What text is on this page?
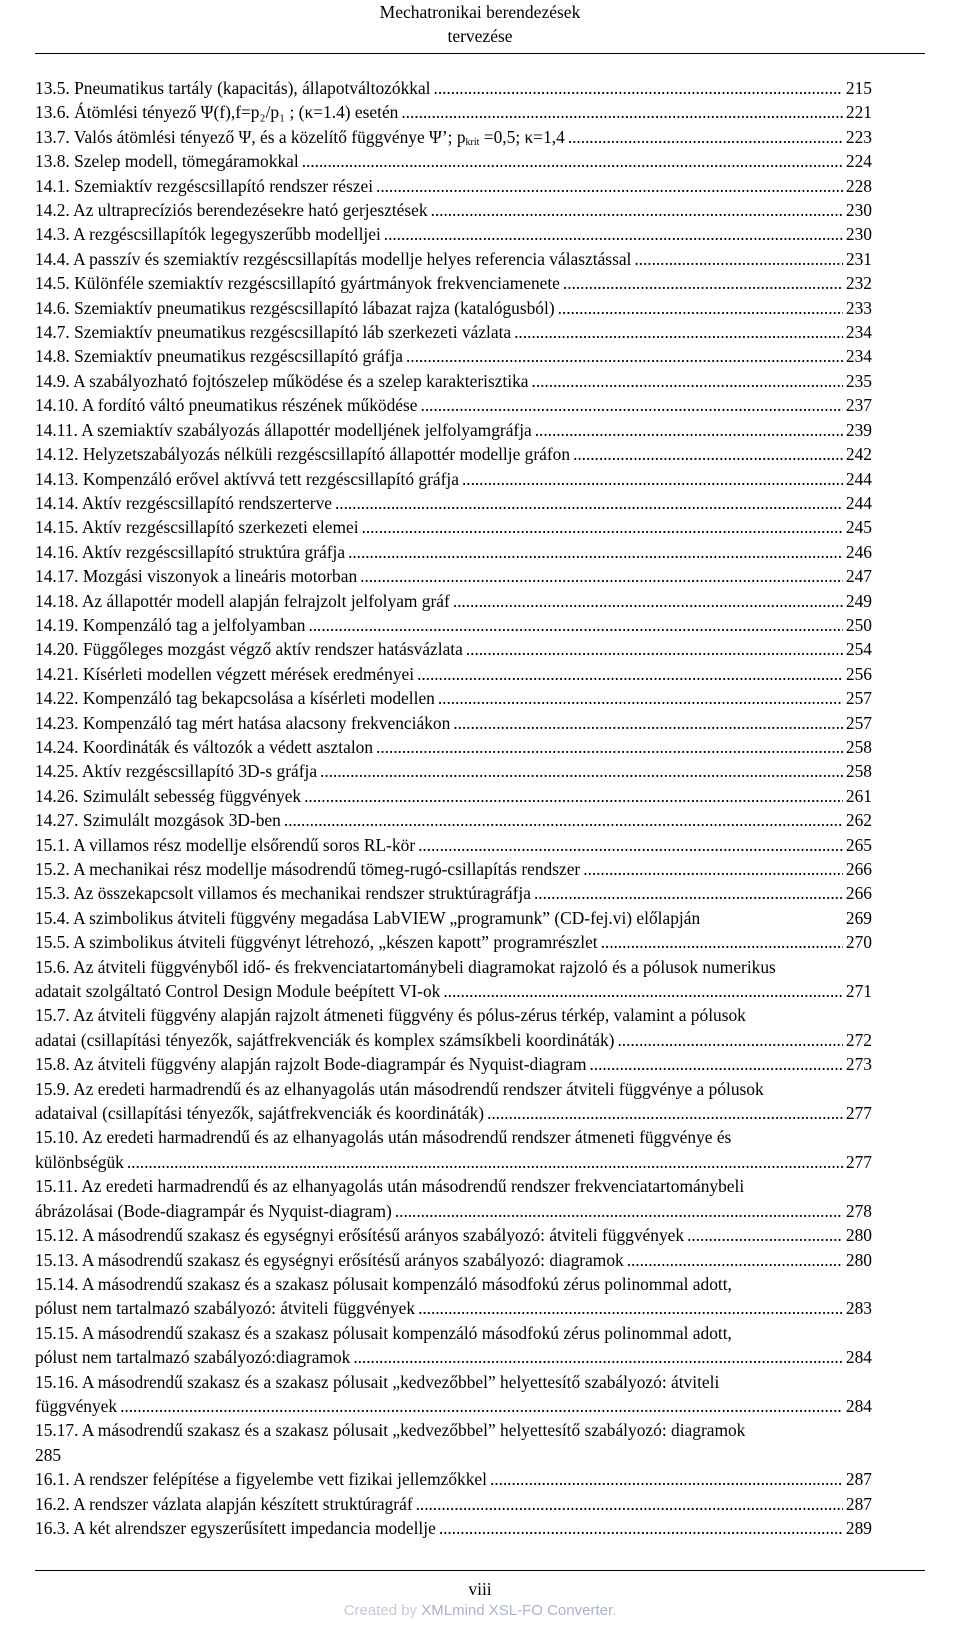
Mechatronikai berendezések
tervezése
13.5. Pneumatikus tartály (kapacitás), állapotváltozókkal . . .	215
13.6. Átömlési tényező Ψ(f),f=p₂/p₁ ; (κ=1.4) esetén . . .	221
13.7. Valós átömlési tényező Ψ, és a közelítő függvénye Ψ’; $p_{krit} =0,5$; κ=1,4 . . .	223
13.8. Szelep modell, tömegáramokkal . . .	224
14.1. Szemiaktív rezgéscsillapító rendszer részei . . .	228
14.2. Az ultraprecíziós berendezésekre ható gerjesztések . . .	230
14.3. A rezgéscsillapítók legegyszerűbb modelljei . . .	230
14.4. A passzív és szemiaktív rezgéscsillapítás modellje helyes referencia választással . . .	231
14.5. Különféle szemiaktív rezgéscsillapító gyártmányok frekvenciamenete . . .	232
14.6. Szemiaktív pneumatikus rezgéscsillapító lábazat rajza (katalógusból) . . .	233
14.7. Szemiaktív pneumatikus rezgéscsillapító láb szerkezeti vázlata . . .	234
14.8. Szemiaktív pneumatikus rezgéscsillapító gráfja . . .	234
14.9. A szabályozható fojtószelep működése és a szelep karakterisztika . . .	235
14.10. A fordító váltó pneumatikus részének működése . . .	237
14.11. A szemiaktív szabályozás állapottér modelljének jelfolyamgráfja . . .	239
14.12. Helyzetszabályozás nélküli rezgéscsillapító állapottér modellje gráfon . . .	242
14.13. Kompenzáló erővel aktívvá tett rezgéscsillapító gráfja . . .	244
14.14. Aktív rezgéscsillapító rendszerterve . . .	244
14.15. Aktív rezgéscsillapító szerkezeti elemei . . .	245
14.16. Aktív rezgéscsillapító struktúra gráfja . . .	246
14.17. Mozgási viszonyok a lineáris motorban . . .	247
14.18. Az állapottér modell alapján felrajzolt jelfolyam gráf . . .	249
14.19. Kompenzáló tag a jelfolyamban . . .	250
14.20. Függőleges mozgást végző aktív rendszer hatásvázlata . . .	254
14.21. Kísérleti modellen végzett mérések eredményei . . .	256
14.22. Kompenzáló tag bekapcsolása a kísérleti modellen . . .	257
14.23. Kompenzáló tag mért hatása alacsony frekvenciákon . . .	257
14.24. Koordináták és változók a védett asztalon . . .	258
14.25. Aktív rezgéscsillapító 3D-s gráfja . . .	258
14.26. Szimulált sebesség függvények . . .	261
14.27. Szimulált mozgások 3D-ben . . .	262
15.1. A villamos rész modellje elsőrendű soros RL-kör . . .	265
15.2. A mechanikai rész modellje másodrendű tömeg-rugó-csillapítás rendszer . . .	266
15.3. Az összekapcsolt villamos és mechanikai rendszer struktúragráfja . . .	266
15.4. A szimbolikus átviteli függvény megadása LabVIEW „programunk” (CD-fej.vi) előlapján	269
15.5. A szimbolikus átviteli függvényt létrehozó, „készen kapott” programrészlet . . .	270
15.6. Az átviteli függvényből idő- és frekvenciatartománybeli diagramokat rajzoló és a pólusok numerikus
adatait szolgáltató Control Design Module beépített VI-ok . . .	271
15.7. Az átviteli függvény alapján rajzolt átmeneti függvény és pólus-zérus térkép, valamint a pólusok
adatai (csillapítási tényezők, sajátfrekvenciák és komplex számsíkbeli koordináták) . . .	272
15.8. Az átviteli függvény alapján rajzolt Bode-diagrampár és Nyquist-diagram . . .	273
15.9. Az eredeti harmadrendű és az elhanyagolás után másodrendű rendszer átviteli függvénye a pólusok
adataival (csillapítási tényezők, sajátfrekvenciák és koordináták) . . .	277
15.10. Az eredeti harmadrendű és az elhanyagolás után másodrendű rendszer átmeneti függvénye és
különbségük . . .	277
15.11. Az eredeti harmadrendű és az elhanyagolás után másodrendű rendszer frekvenciatartománybeli
ábrázolásai (Bode-diagrampár és Nyquist-diagram) . . .	278
15.12. A másodrendű szakasz és egységnyi erősítésű arányos szabályozó: átviteli függvények . . .	280
15.13. A másodrendű szakasz és egységnyi erősítésű arányos szabályozó: diagramok . . .	280
15.14. A másodrendű szakasz és a szakasz pólusait kompenzáló másodfokú zérus polinommal adott,
pólust nem tartalmazó szabályozó: átviteli függvények . . .	283
15.15. A másodrendű szakasz és a szakasz pólusait kompenzáló másodfokú zérus polinommal adott,
pólust nem tartalmazó szabályozó:diagramok . . .	284
15.16. A másodrendű szakasz és a szakasz pólusait „kedvezőbbel” helyettesítő szabályozó: átviteli
függvények . . .	284
15.17. A másodrendű szakasz és a szakasz pólusait „kedvezőbbel” helyettesítő szabályozó: diagramok
285
16.1. A rendszer felépítése a figyelembe vett fizikai jellemzőkkel . . .	287
16.2. A rendszer vázlata alapján készített struktúragráf . . .	287
16.3. A két alrendszer egyszerűsített impedancia modellje . . .	289
viii
Created by XMLmind XSL-FO Converter.
